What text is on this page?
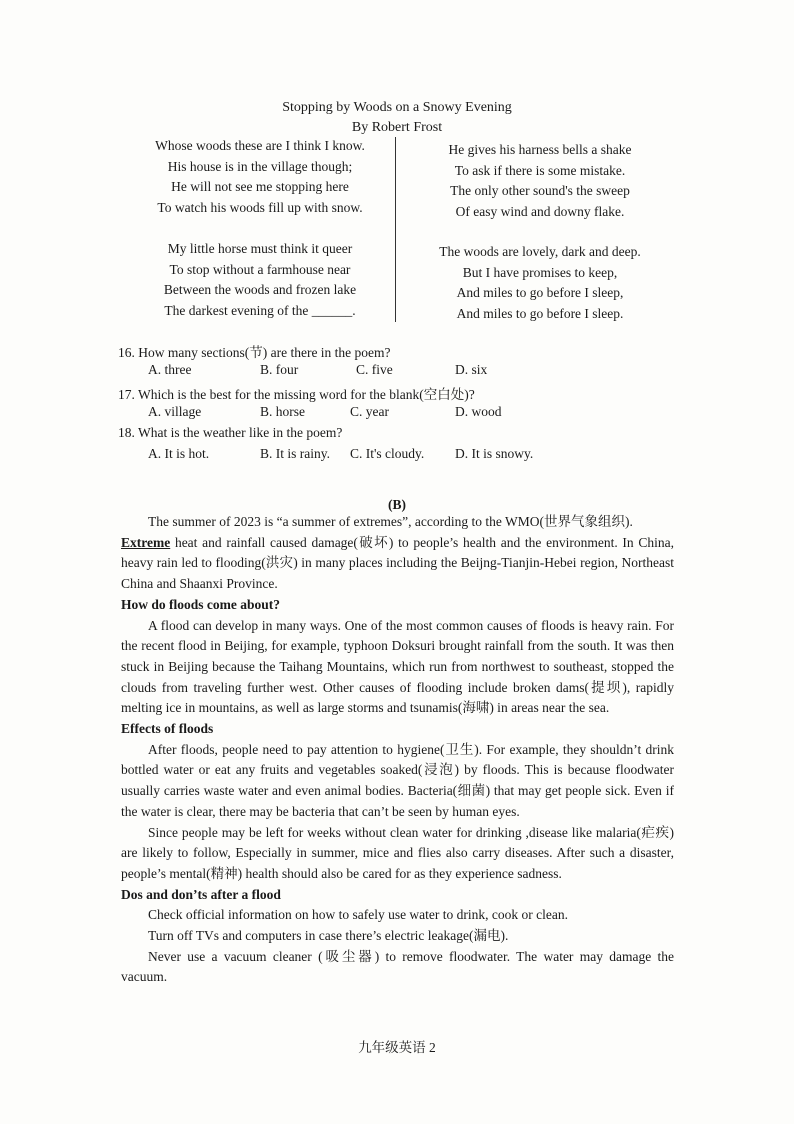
Stopping by Woods on a Snowy Evening
By Robert Frost
Whose woods these are I think I know.
His house is in the village though;
He will not see me stopping here
To watch his woods fill up with snow.
My little horse must think it queer
To stop without a farmhouse near
Between the woods and frozen lake
The darkest evening of the ______.
He gives his harness bells a shake
To ask if there is some mistake.
The only other sound's the sweep
Of easy wind and downy flake.
The woods are lovely, dark and deep.
But I have promises to keep,
And miles to go before I sleep,
And miles to go before I sleep.
16. How many sections(节) are there in the poem?
A. three	B. four	C. five	D. six
17. Which is the best for the missing word for the blank(空白处)?
A. village	B. horse	C. year	D. wood
18. What is the weather like in the poem?
A. It is hot.	B. It is rainy. C. It's cloudy. D. It is snowy.
(B)

The summer of 2023 is “a summer of extremes”, according to the WMO(世界气象组织).

Extreme heat and rainfall caused damage(破坏) to people’s health and the environment. In China, heavy rain led to flooding(洪灾) in many places including the Beijng-Tianjin-Hebei region, Northeast China and Shaanxi Province.

How do floods come about?

A flood can develop in many ways. One of the most common causes of floods is heavy rain. For the recent flood in Beijing, for example, typhoon Doksuri brought rainfall from the south. It was then stuck in Beijing because the Taihang Mountains, which run from northwest to southeast, stopped the clouds from traveling further west. Other causes of flooding include broken dams(提坝), rapidly melting ice in mountains, as well as large storms and tsunamis(海啸) in areas near the sea.

Effects of floods

After floods, people need to pay attention to hygiene(卫生). For example, they shouldn’t drink bottled water or eat any fruits and vegetables soaked(浸泡) by floods. This is because floodwater usually carries waste water and even animal bodies. Bacteria(细菌) that may get people sick. Even if the water is clear, there may be bacteria that can’t be seen by human eyes.

Since people may be left for weeks without clean water for drinking ,disease like malaria(疟疾) are likely to follow, Especially in summer, mice and flies also carry diseases. After such a disaster, people’s mental(精神) health should also be cared for as they experience sadness.

Dos and don’ts after a flood

Check official information on how to safely use water to drink, cook or clean.

Turn off TVs and computers in case there’s electric leakage(漏电).

Never use a vacuum cleaner (吸尘器) to remove floodwater. The water may damage the vacuum.

九年级英语 2
